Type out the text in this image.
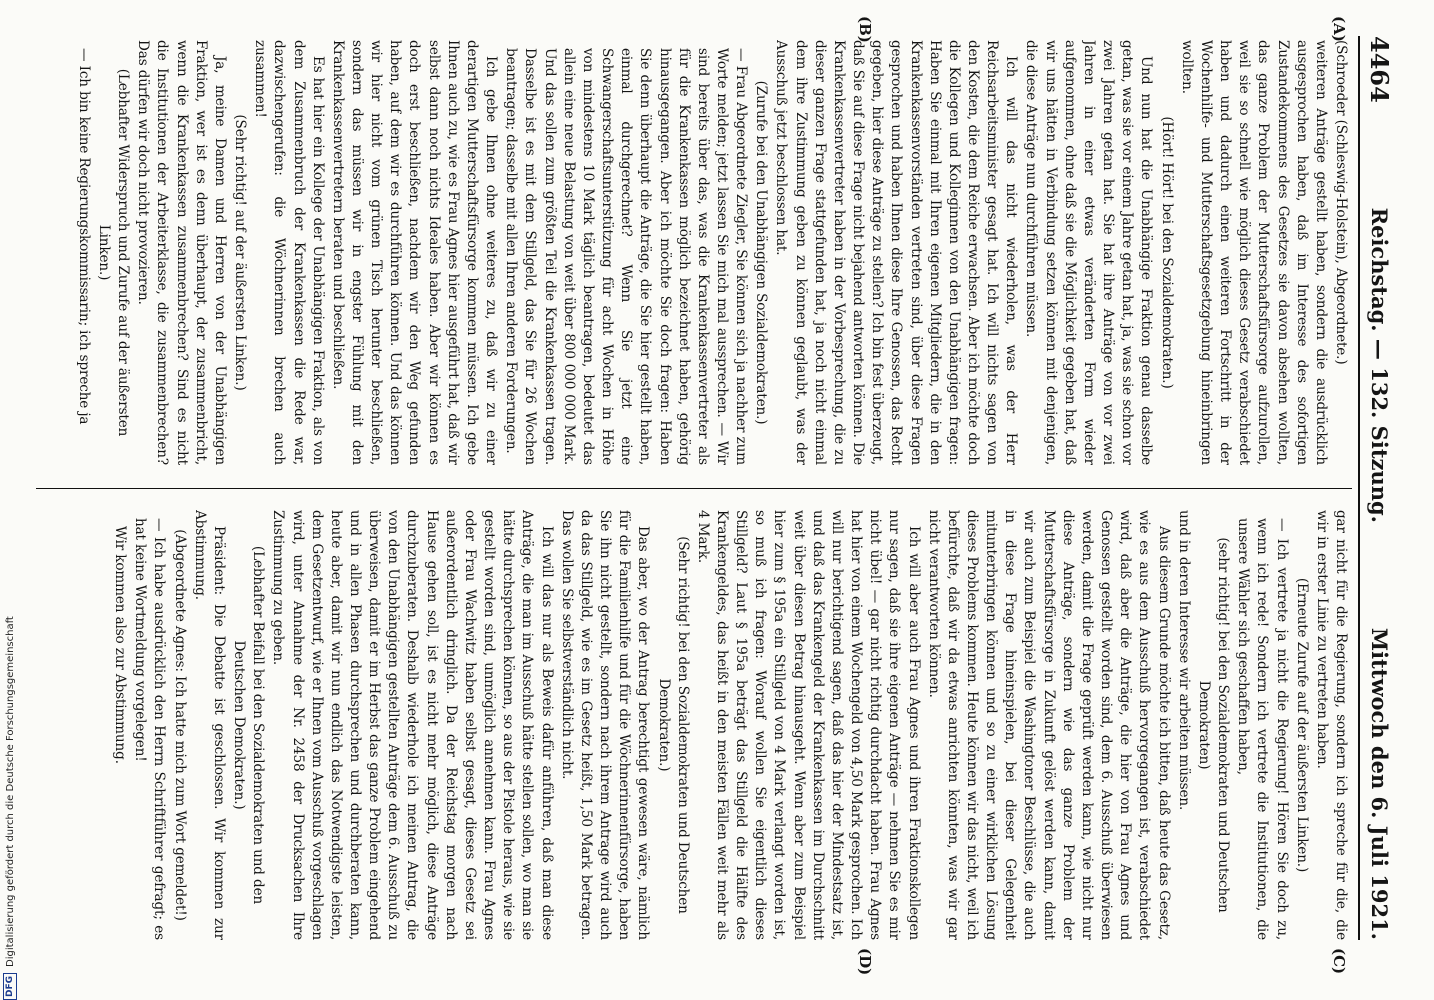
4464
Reichstag. — 132. Sitzung.
Mittwoch den 6. Juli 1921.
(A)
(B)
(C)
(D)

(Schroeder (Schleswig-Holstein), Abgeordnete.)

weiteren Anträge gestellt haben, sondern die ausdrücklich ausgesprochen haben, daß im Interesse des sofortigen Zustandekommens des Gesetzes sie davon absehen wollten, das ganze Problem der Mutterschaftsfürsorge aufzurollen, weil sie so schnell wie möglich dieses Gesetz verabschiedet haben und dadurch einen weiteren Fortschritt in der Wochenhilfe- und Mutterschaftsgesetzgebung hineinbringen wollten.

(Hört! Hört! bei den Sozialdemokraten.)

Und nun hat die Unabhängige Fraktion genau dasselbe getan, was sie vor einem Jahre getan hat, ja, was sie schon vor zwei Jahren getan hat. Sie hat ihre Anträge von vor zwei Jahren in einer etwas veränderten Form wieder aufgenommen, ohne daß sie die Möglichkeit gegeben hat, daß wir uns hätten in Verbindung setzen können mit denjenigen, die diese Anträge nun durchführen müssen.

Ich will das nicht wiederholen, was der Herr Reichsarbeitsminister gesagt hat. Ich will nichts sagen von den Kosten, die dem Reiche erwachsen. Aber ich möchte doch die Kollegen und Kolleginnen von den Unabhängigen fragen: Haben Sie einmal mit Ihren eigenen Mitgliedern, die in den Krankenkassenvorständen vertreten sind, über diese Fragen gesprochen und haben Ihnen diese Ihre Genossen, das Recht gegeben, hier diese Anträge zu stellen? Ich bin fest überzeugt, daß Sie auf diese Frage nicht bejahend antworten können. Die Krankenkassenvertreter haben in der Vorbesprechung, die zu dieser ganzen Frage stattgefunden hat, ja noch nicht einmal dem ihre Zustimmung geben zu können geglaubt, was der Ausschuß jetzt beschlossen hat.

(Zurufe bei den Unabhängigen Sozialdemokraten.)

— Frau Abgeordnete Ziegler, Sie können sich ja nachher zum Worte melden; jetzt lassen Sie mich mal aussprechen. — Wir sind bereits über das, was die Krankenkassenvertreter als für die Krankenkassen möglich bezeichnet haben, gehörig hinausgegangen. Aber ich möchte Sie doch fragen: Haben Sie denn überhaupt die Anträge, die Sie hier gestellt haben, einmal durchgerechnet? Wenn Sie jetzt eine Schwangerschaftsunterstützung für acht Wochen in Höhe von mindestens 10 Mark täglich beantragen, bedeutet das allein eine neue Belastung von weit über 800 000 000 Mark. Und das sollen zum größten Teil die Krankenkassen tragen. Dasselbe ist es mit dem Stillgeld, das Sie für 26 Wochen beantragen; dasselbe mit allen Ihren anderen Forderungen.

Ich gebe Ihnen ohne weiteres zu, daß wir zu einer derartigen Mutterschaftsfürsorge kommen müssen. Ich gebe Ihnen auch zu, wie es Frau Agnes hier ausgeführt hat, daß wir selbst dann noch nichts Ideales haben. Aber wir können es doch erst beschließen, nachdem wir den Weg gefunden haben, auf dem wir es durchführen können. Und das können wir hier nicht vom grünen Tisch herunter beschließen, sondern das müssen wir in engster Fühlung mit den Krankenkassenvertretern beraten und beschließen.

Es hat hier ein Kollege der Unabhängigen Fraktion, als von dem Zusammenbruch der Krankenkassen die Rede war, dazwischengerufen: die Wöchnerinnen brechen auch zusammen!

(Sehr richtig! auf der äußersten Linken.)

Ja, meine Damen und Herren von der Unabhängigen Fraktion, wer ist es denn überhaupt, der zusammenbricht, wenn die Krankenkassen zusammenbrechen? Sind es nicht die Institutionen der Arbeiterklasse, die zusammenbrechen? Das dürfen wir doch nicht provozieren.

(Lebhafter Widerspruch und Zurufe auf der äußersten Linken.)

— Ich bin keine Regierungskommissarin; ich spreche ja

gar nicht für die Regierung, sondern ich spreche für die, die wir in erster Linie zu vertreten haben.

(Erneute Zurufe auf der äußersten Linken.)

— Ich vertrete ja nicht die Regierung! Hören Sie doch zu, wenn ich rede! Sondern ich vertrete die Institutionen, die unsere Wähler sich geschaffen haben,

(sehr richtig! bei den Sozialdemokraten und Deutschen Demokraten)

und in deren Interesse wir arbeiten müssen.

Aus diesem Grunde möchte ich bitten, daß heute das Gesetz, wie es aus dem Ausschuß hervorgegangen ist, verabschiedet wird, daß aber die Anträge, die hier von Frau Agnes und Genossen gestellt worden sind, dem 6. Ausschuß überwiesen werden, damit die Frage geprüft werden kann, wie nicht nur diese Anträge, sondern wie das ganze Problem der Mutterschaftsfürsorge in Zukunft gelöst werden kann, damit wir auch zum Beispiel die Washingtoner Beschlüsse, die auch in diese Frage hineinspielen, bei dieser Gelegenheit mitunterbringen können und so zu einer wirklichen Lösung dieses Problems kommen. Heute können wir das nicht, weil ich befürchte, daß wir da etwas anrichten könnten, was wir gar nicht verantworten können.

Ich will aber auch Frau Agnes und ihren Fraktionskollegen nur sagen, daß sie ihre eigenen Anträge — nehmen Sie es mir nicht übel! — gar nicht richtig durchdacht haben. Frau Agnes hat hier von einem Wochengeld von 4,50 Mark gesprochen. Ich will nur berichtigend sagen, daß das hier der Mindestsatz ist, und daß das Krankengeld der Krankenkassen im Durchschnitt weit über diesen Betrag hinausgeht. Wenn aber zum Beispiel hier zum § 195a ein Stillgeld von 4 Mark verlangt worden ist, so muß ich fragen: Worauf wollen Sie eigentlich dieses Stillgeld? Laut § 195a beträgt das Stillgeld die Hälfte des Krankengeldes, das heißt in den meisten Fällen weit mehr als 4 Mark.

(Sehr richtig! bei den Sozialdemokraten und Deutschen Demokraten.)

Das aber, wo der Antrag berechtigt gewesen wäre, nämlich für die Familienhilfe und für die Wöchnerinnenfürsorge, haben Sie ihn nicht gestellt, sondern nach ihrem Antrage wird auch da das Stillgeld, wie es im Gesetz heißt, 1,50 Mark betragen. Das wollen Sie selbstverständlich nicht.

Ich will das nur als Beweis dafür anführen, daß man diese Anträge, die man im Ausschuß hätte stellen sollen, wo man sie hätte durchsprechen können, so aus der Pistole heraus, wie sie gestellt worden sind, unmöglich annehmen kann. Frau Agnes oder Frau Wachwitz haben selbst gesagt, dieses Gesetz sei außerordentlich dringlich. Da der Reichstag morgen nach Hause gehen soll, ist es nicht mehr möglich, diese Anträge durchzuberaten. Deshalb wiederhole ich meinen Antrag, die von den Unabhängigen gestellten Anträge dem 6. Ausschuß zu überweisen, damit er im Herbst das ganze Problem eingehend und in allen Phasen durchsprechen und durchberaten kann, heute aber, damit wir nun endlich das Notwendigste leisten, dem Gesetzentwurf, wie er Ihnen vom Ausschuß vorgeschlagen wird, unter Annahme der Nr. 2458 der Drucksachen Ihre Zustimmung zu geben.

(Lebhafter Beifall bei den Sozialdemokraten und den Deutschen Demokraten.)

Präsident: Die Debatte ist geschlossen. Wir kommen zur Abstimmung.

(Abgeordnete Agnes: Ich hatte mich zum Wort gemeldet!)

— Ich habe ausdrücklich den Herrn Schriftführer gefragt; es hat keine Wortmeldung vorgelegen!

Wir kommen also zur Abstimmung.

DFG
Digitalisierung gefördert durch die Deutsche Forschungsgemeinschaft
